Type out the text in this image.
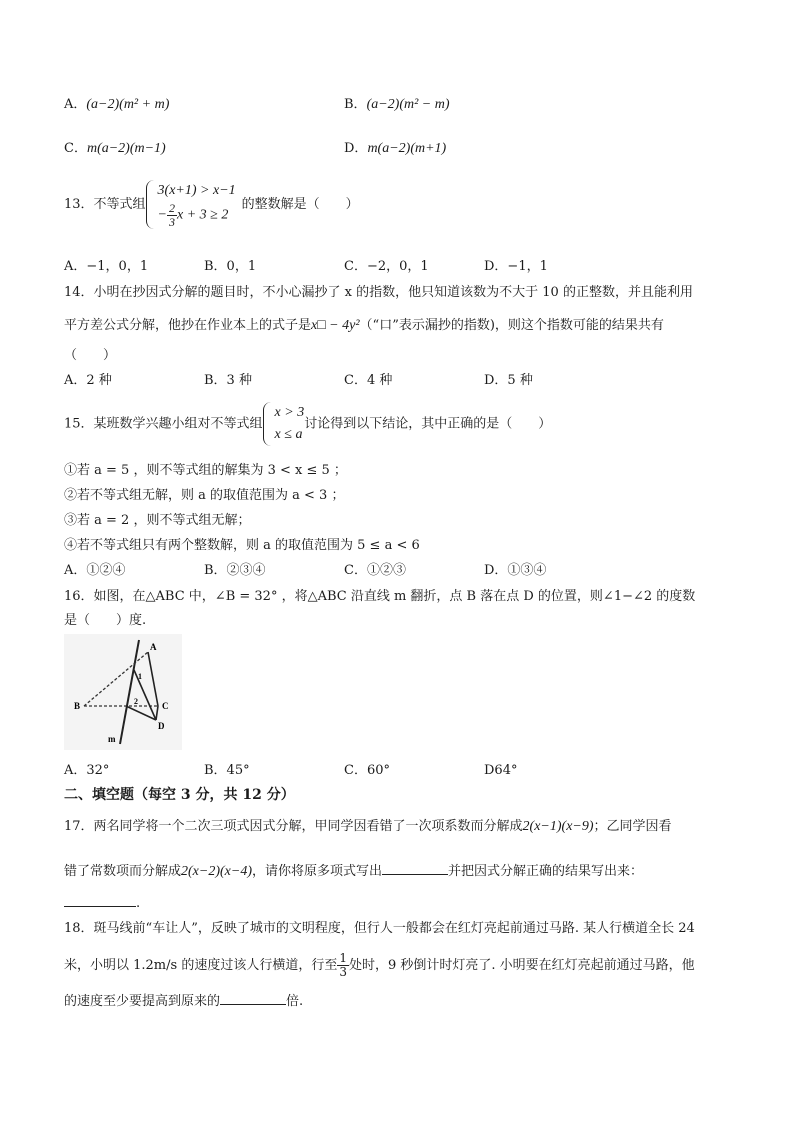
A．(a−2)(m² + m)	B．(a−2)(m² − m)
C．m(a−2)(m−1)	D．m(a−2)(m+1)
13．不等式组
3(x+1) > x−1
− $\frac{2}{3}$ x + 3 ≥ 2
的整数解是（　　）
A．−1，0，1	B．0，1	C．−2，0，1	D．−1，1
14．小明在抄因式分解的题目时，不小心漏抄了 x 的指数，他只知道该数为不大于 10 的正整数，并且能利用
平方差公式分解，他抄在作业本上的式子是x□ − 4y²（“口”表示漏抄的指数)，则这个指数可能的结果共有
（　　）
A．2 种	B．3 种	C．4 种	D．5 种
15．某班数学兴趣小组对不等式组
x > 3
x ≤ a
讨论得到以下结论，其中正确的是（　　）
①若 a = 5 ，则不等式组的解集为 3 < x ≤ 5 ；
②若不等式组无解，则 a 的取值范围为 a < 3 ；
③若 a = 2 ，则不等式组无解；
④若不等式组只有两个整数解，则 a 的取值范围为 5 ≤ a < 6
A．①②④	B．②③④	C．①②③	D．①③④
16．如图，在△ABC 中，∠B = 32° ，将△ABC 沿直线 m 翻折，点 B 落在点 D 的位置，则∠1−∠2 的度数
是（　　）度.
A
B	C
D
m
1
2
A．32°	B．45°	C．60°	D64°
二、填空题（每空 3 分，共 12 分）
17．两名同学将一个二次三项式因式分解，甲同学因看错了一次项系数而分解成2(x−1)(x−9)；乙同学因看
错了常数项而分解成2(x−2)(x−4)，请你将原多项式写出	并把因式分解正确的结果写出来：
.
18．斑马线前“车让人”，反映了城市的文明程度，但行人一般都会在红灯亮起前通过马路. 某人行横道全长 24
米，小明以 1.2m/s 的速度过该人行横道，行至 $\frac{1}{3}$ 处时，9 秒倒计时灯亮了. 小明要在红灯亮起前通过马路，他
的速度至少要提高到原来的	倍.
